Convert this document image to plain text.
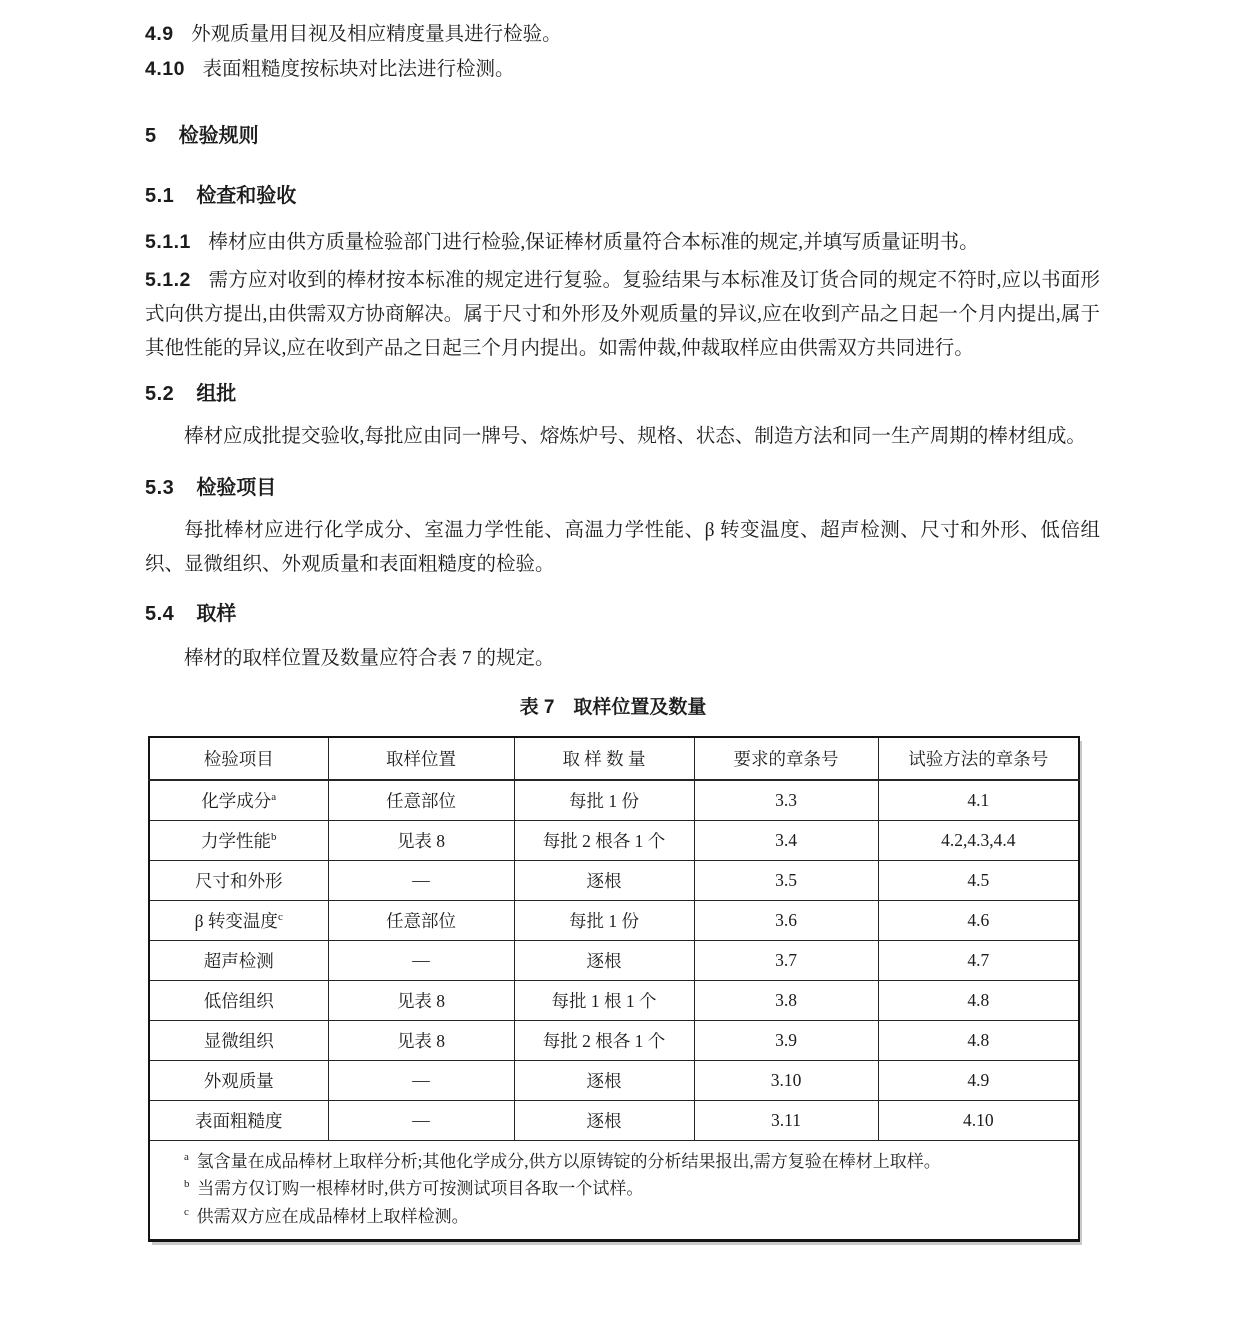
4.9 外观质量用目视及相应精度量具进行检验。
4.10 表面粗糙度按标块对比法进行检测。
5 检验规则
5.1 检查和验收
5.1.1 棒材应由供方质量检验部门进行检验,保证棒材质量符合本标准的规定,并填写质量证明书。
5.1.2 需方应对收到的棒材按本标准的规定进行复验。复验结果与本标准及订货合同的规定不符时,应以书面形式向供方提出,由供需双方协商解决。属于尺寸和外形及外观质量的异议,应在收到产品之日起一个月内提出,属于其他性能的异议,应在收到产品之日起三个月内提出。如需仲裁,仲裁取样应由供需双方共同进行。
5.2 组批
棒材应成批提交验收,每批应由同一牌号、熔炼炉号、规格、状态、制造方法和同一生产周期的棒材组成。
5.3 检验项目
每批棒材应进行化学成分、室温力学性能、高温力学性能、β 转变温度、超声检测、尺寸和外形、低倍组织、显微组织、外观质量和表面粗糙度的检验。
5.4 取样
棒材的取样位置及数量应符合表 7 的规定。
表 7　取样位置及数量
检验项目	取样位置	取 样 数 量	要求的章条号	试验方法的章条号
化学成分$^a$	任意部位	每批 1 份	3.3	4.1
力学性能$^b$	见表 8	每批 2 根各 1 个	3.4	4.2,4.3,4.4
尺寸和外形	—	逐根	3.5	4.5
β 转变温度$^c$	任意部位	每批 1 份	3.6	4.6
超声检测	—	逐根	3.7	4.7
低倍组织	见表 8	每批 1 根 1 个	3.8	4.8
显微组织	见表 8	每批 2 根各 1 个	3.9	4.8
外观质量	—	逐根	3.10	4.9
表面粗糙度	—	逐根	3.11	4.10

$^a$ 氢含量在成品棒材上取样分析;其他化学成分,供方以原铸锭的分析结果报出,需方复验在棒材上取样。
$^b$ 当需方仅订购一根棒材时,供方可按测试项目各取一个试样。
$^c$ 供需双方应在成品棒材上取样检测。				
